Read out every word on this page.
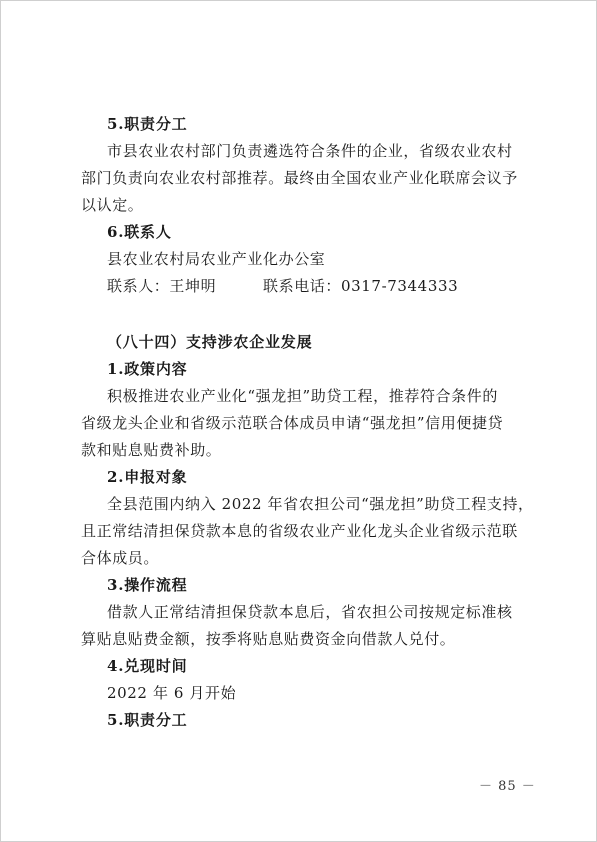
5.职责分工
市县农业农村部门负责遴选符合条件的企业，省级农业农村
部门负责向农业农村部推荐。最终由全国农业产业化联席会议予
以认定。
6.联系人
县农业农村局农业产业化办公室
联系人：王坤明　　　联系电话：0317-7344333
（八十四）支持涉农企业发展
1.政策内容
积极推进农业产业化“强龙担”助贷工程，推荐符合条件的
省级龙头企业和省级示范联合体成员申请“强龙担”信用便捷贷
款和贴息贴费补助。
2.申报对象
全县范围内纳入 2022 年省农担公司“强龙担”助贷工程支持，
且正常结清担保贷款本息的省级农业产业化龙头企业省级示范联
合体成员。
3.操作流程
借款人正常结清担保贷款本息后，省农担公司按规定标准核
算贴息贴费金额，按季将贴息贴费资金向借款人兑付。
4.兑现时间
2022 年 6 月开始
5.职责分工
－ 85 －
